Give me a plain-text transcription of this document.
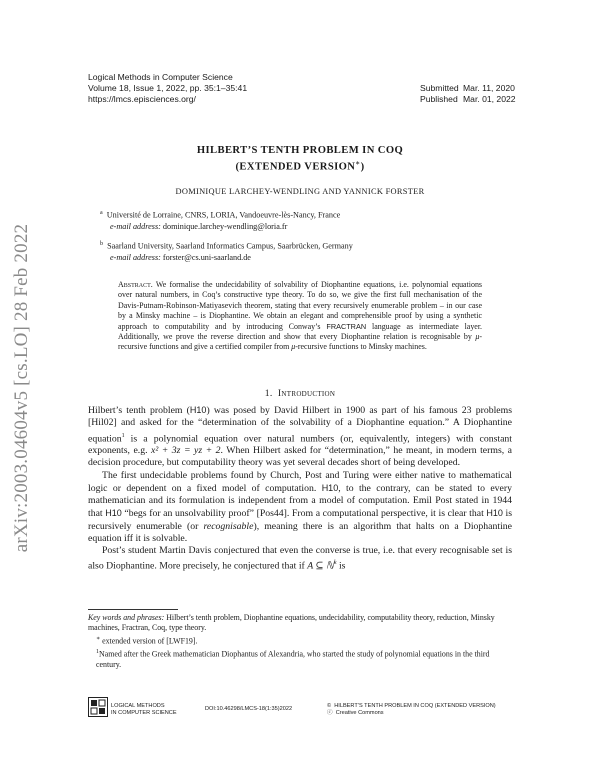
arXiv:2003.04604v5 [cs.LO] 28 Feb 2022
Logical Methods in Computer Science
Volume 18, Issue 1, 2022, pp. 35:1–35:41
https://lmcs.episciences.org/
Submitted Mar. 11, 2020
Published Mar. 01, 2022
HILBERT’S TENTH PROBLEM IN COQ
(EXTENDED VERSION∗)
DOMINIQUE LARCHEY-WENDLING AND YANNICK FORSTER
$^a$ Université de Lorraine, CNRS, LORIA, Vandoeuvre-lès-Nancy, France
e-mail address: dominique.larchey-wendling@loria.fr
$^b$ Saarland University, Saarland Informatics Campus, Saarbrücken, Germany
e-mail address: forster@cs.uni-saarland.de
Abstract. We formalise the undecidability of solvability of Diophantine equations, i.e. polynomial equations over natural numbers, in Coq’s constructive type theory. To do so, we give the first full mechanisation of the Davis-Putnam-Robinson-Matiyasevich theorem, stating that every recursively enumerable problem – in our case by a Minsky machine – is Diophantine. We obtain an elegant and comprehensible proof by using a synthetic approach to computability and by introducing Conway’s FRACTRAN language as intermediate layer. Additionally, we prove the reverse direction and show that every Diophantine relation is recognisable by μ-recursive functions and give a certified compiler from μ-recursive functions to Minsky machines.
1. Introduction

Hilbert’s tenth problem (H10) was posed by David Hilbert in 1900 as part of his famous 23 problems [Hil02] and asked for the “determination of the solvability of a Diophantine equation.” A Diophantine equation$^1$ is a polynomial equation over natural numbers (or, equivalently, integers) with constant exponents, e.g. x² + 3z = yz + 2. When Hilbert asked for “determination,” he meant, in modern terms, a decision procedure, but computability theory was yet several decades short of being developed.

The first undecidable problems found by Church, Post and Turing were either native to mathematical logic or dependent on a fixed model of computation. H10, to the contrary, can be stated to every mathematician and its formulation is independent from a model of computation. Emil Post stated in 1944 that H10 “begs for an unsolvability proof” [Pos44]. From a computational perspective, it is clear that H10 is recursively enumerable (or recognisable), meaning there is an algorithm that halts on a Diophantine equation iff it is solvable.

Post’s student Martin Davis conjectured that even the converse is true, i.e. that every recognisable set is also Diophantine. More precisely, he conjectured that if A ⊆ ℕ$^k$ is

Key words and phrases: Hilbert’s tenth problem, Diophantine equations, undecidability, computability theory, reduction, Minsky machines, Fractran, Coq, type theory.
∗ extended version of [LWF19].
$^1$Named after the Greek mathematician Diophantus of Alexandria, who started the study of polynomial equations in the third century.
LOGICAL METHODS
IN COMPUTER SCIENCE
DOI:10.46298/LMCS-18(1:35)2022	© HILBERT’S TENTH PROBLEM IN COQ (EXTENDED VERSION)
ⓒ Creative Commons
